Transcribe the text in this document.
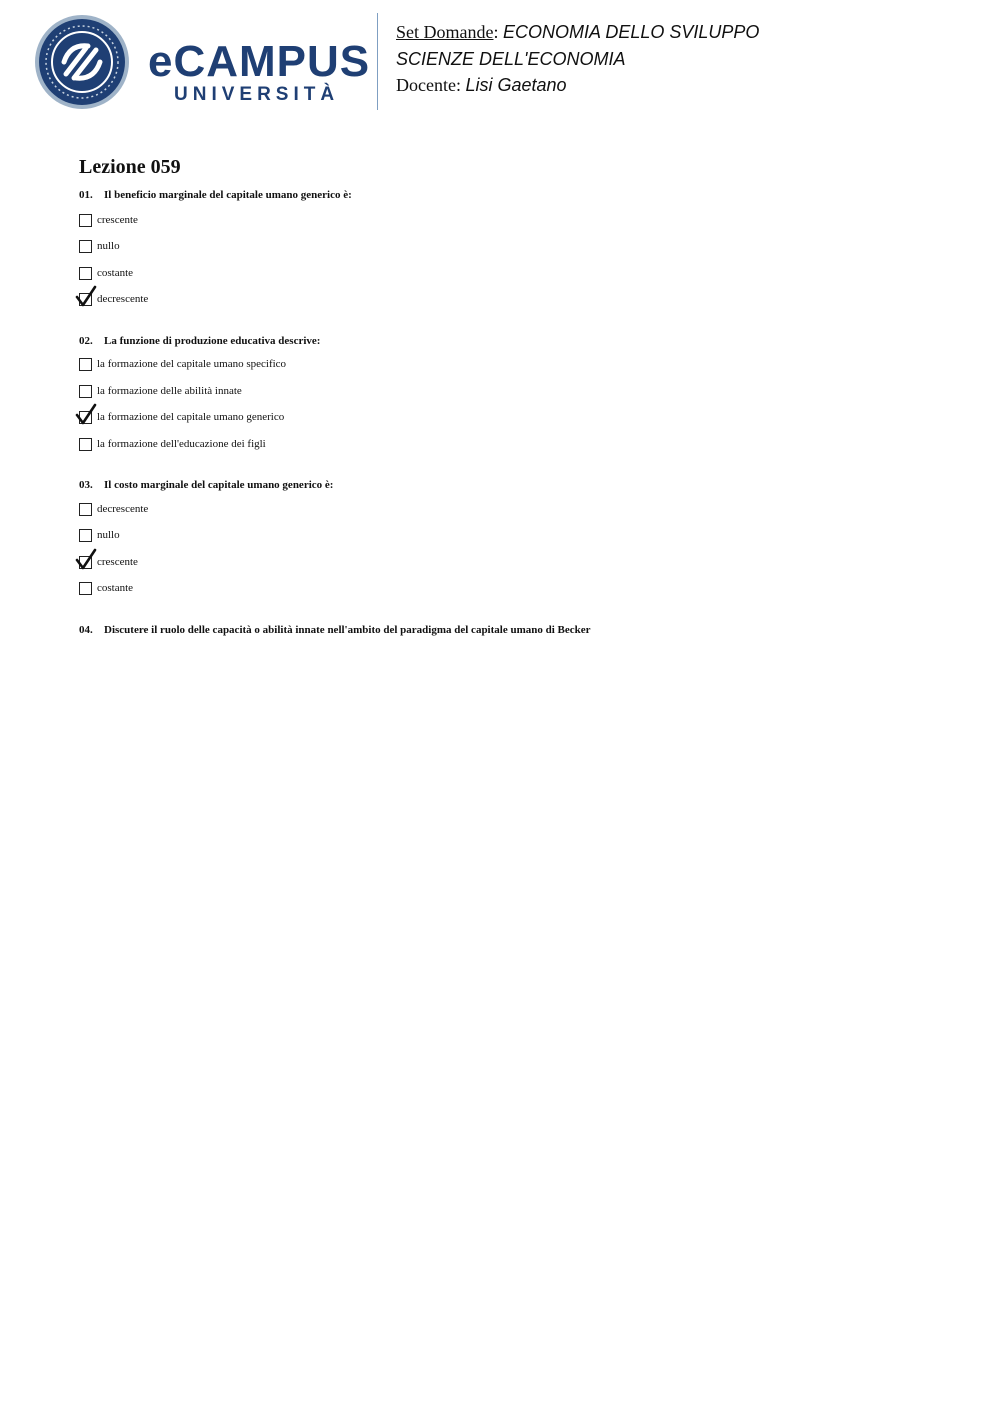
eCAMPUS
UNIVERSITÀ
Set Domande: ECONOMIA DELLO SVILUPPO
SCIENZE DELL'ECONOMIA
Docente: Lisi Gaetano
Lezione 059
01. Il beneficio marginale del capitale umano generico è:
crescente
nullo
costante
decrescente
02. La funzione di produzione educativa descrive:
la formazione del capitale umano specifico
la formazione delle abilità innate
la formazione del capitale umano generico
la formazione dell'educazione dei figli
03. Il costo marginale del capitale umano generico è:
decrescente
nullo
crescente
costante
04. Discutere il ruolo delle capacità o abilità innate nell'ambito del paradigma del capitale umano di Becker
